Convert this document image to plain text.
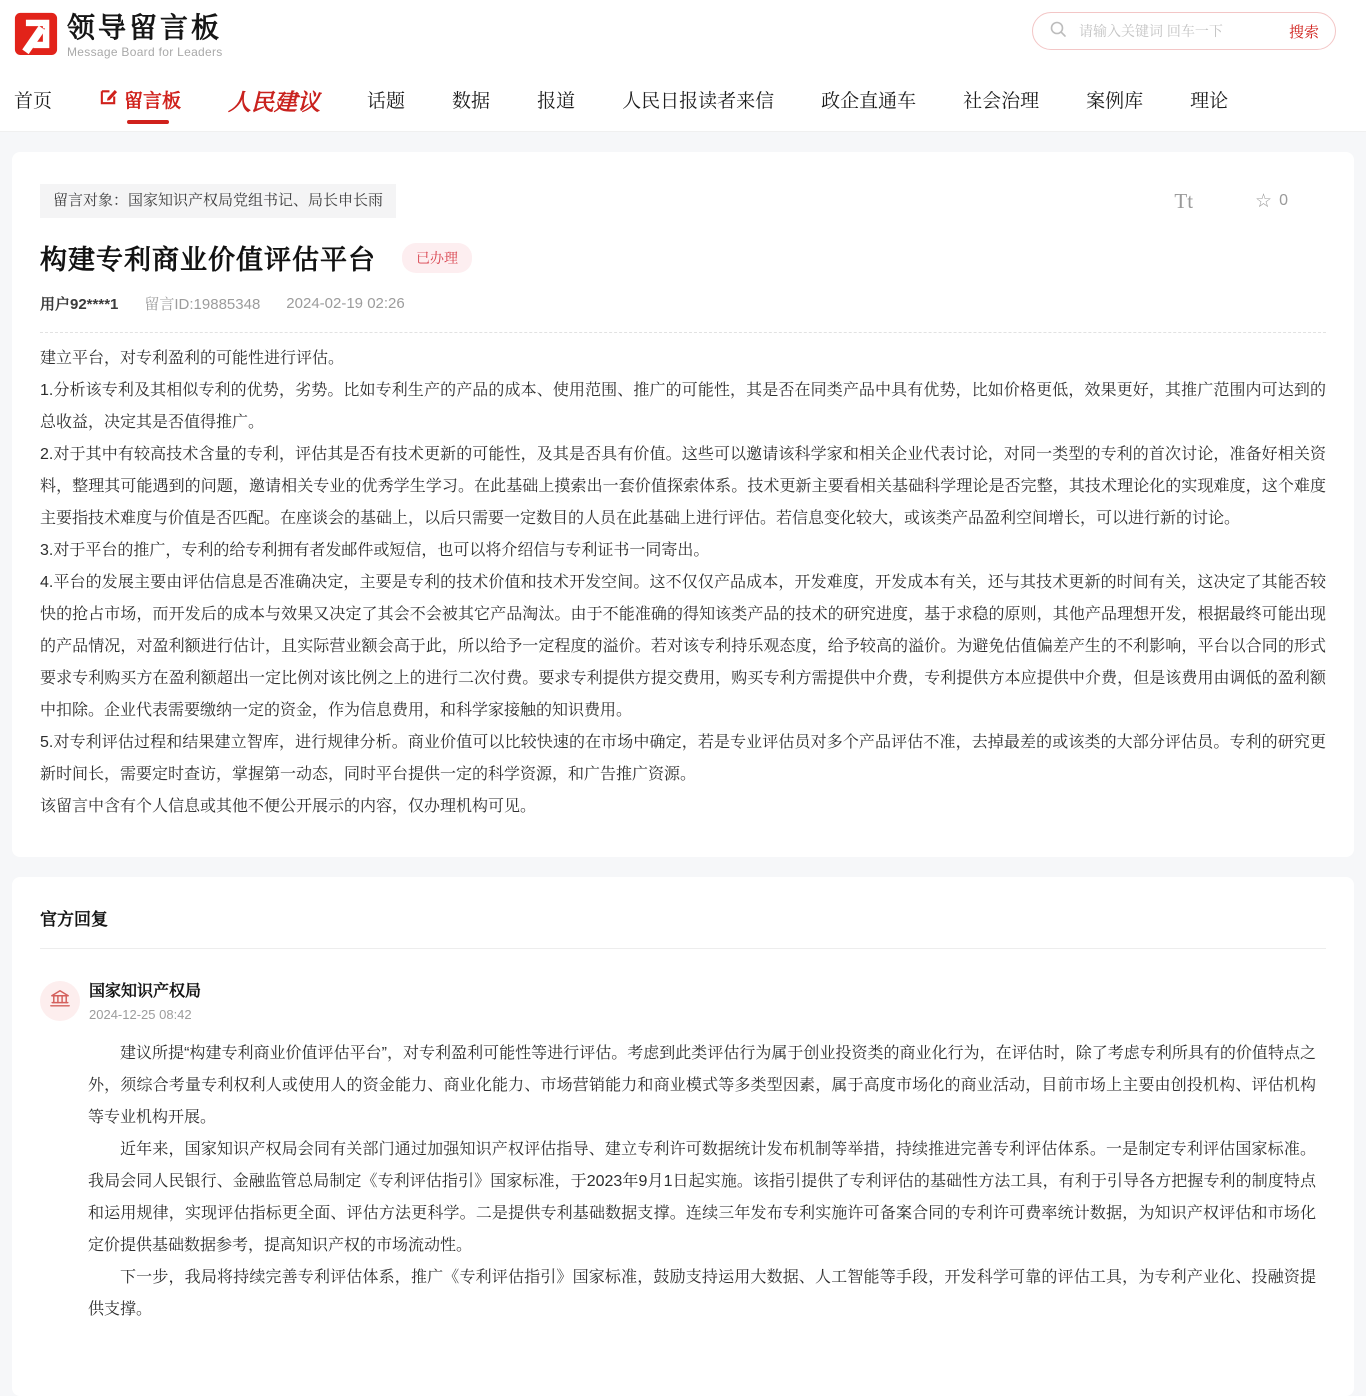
领导留言板
Message Board for Leaders
请输入关键词 回车一下
搜索
首页	留言板 人民建议 话题 数据 报道 人民日报读者来信 政企直通车 社会治理 案例库 理论
留言对象：国家知识产权局党组书记、局长申长雨	Tt	☆ 0
构建专利商业价值评估平台	已办理
用户92****1 留言ID:19885348 2024-02-19 02:26

建立平台，对专利盈利的可能性进行评估。

1.分析该专利及其相似专利的优势，劣势。比如专利生产的产品的成本、使用范围、推广的可能性，其是否在同类产品中具有优势，比如价格更低，效果更好，其推广范围内可达到的总收益，决定其是否值得推广。

2.对于其中有较高技术含量的专利，评估其是否有技术更新的可能性，及其是否具有价值。这些可以邀请该科学家和相关企业代表讨论，对同一类型的专利的首次讨论，准备好相关资料，整理其可能遇到的问题，邀请相关专业的优秀学生学习。在此基础上摸索出一套价值探索体系。技术更新主要看相关基础科学理论是否完整，其技术理论化的实现难度，这个难度主要指技术难度与价值是否匹配。在座谈会的基础上，以后只需要一定数目的人员在此基础上进行评估。若信息变化较大，或该类产品盈利空间增长，可以进行新的讨论。

3.对于平台的推广，专利的给专利拥有者发邮件或短信，也可以将介绍信与专利证书一同寄出。

4.平台的发展主要由评估信息是否准确决定，主要是专利的技术价值和技术开发空间。这不仅仅产品成本，开发难度，开发成本有关，还与其技术更新的时间有关，这决定了其能否较快的抢占市场，而开发后的成本与效果又决定了其会不会被其它产品淘汰。由于不能准确的得知该类产品的技术的研究进度，基于求稳的原则，其他产品理想开发，根据最终可能出现的产品情况，对盈利额进行估计，且实际营业额会高于此，所以给予一定程度的溢价。若对该专利持乐观态度，给予较高的溢价。为避免估值偏差产生的不利影响，平台以合同的形式要求专利购买方在盈利额超出一定比例对该比例之上的进行二次付费。要求专利提供方提交费用，购买专利方需提供中介费，专利提供方本应提供中介费，但是该费用由调低的盈利额中扣除。企业代表需要缴纳一定的资金，作为信息费用，和科学家接触的知识费用。

5.对专利评估过程和结果建立智库，进行规律分析。商业价值可以比较快速的在市场中确定，若是专业评估员对多个产品评估不准，去掉最差的或该类的大部分评估员。专利的研究更新时间长，需要定时查访，掌握第一动态，同时平台提供一定的科学资源，和广告推广资源。

该留言中含有个人信息或其他不便公开展示的内容，仅办理机构可见。

官方回复
国家知识产权局
2024-12-25 08:42

建议所提“构建专利商业价值评估平台”，对专利盈利可能性等进行评估。考虑到此类评估行为属于创业投资类的商业化行为，在评估时，除了考虑专利所具有的价值特点之外，须综合考量专利权利人或使用人的资金能力、商业化能力、市场营销能力和商业模式等多类型因素，属于高度市场化的商业活动，目前市场上主要由创投机构、评估机构等专业机构开展。

近年来，国家知识产权局会同有关部门通过加强知识产权评估指导、建立专利许可数据统计发布机制等举措，持续推进完善专利评估体系。一是制定专利评估国家标准。我局会同人民银行、金融监管总局制定《专利评估指引》国家标准，于2023年9月1日起实施。该指引提供了专利评估的基础性方法工具，有利于引导各方把握专利的制度特点和运用规律，实现评估指标更全面、评估方法更科学。二是提供专利基础数据支撑。连续三年发布专利实施许可备案合同的专利许可费率统计数据，为知识产权评估和市场化定价提供基础数据参考，提高知识产权的市场流动性。

下一步，我局将持续完善专利评估体系，推广《专利评估指引》国家标准，鼓励支持运用大数据、人工智能等手段，开发科学可靠的评估工具，为专利产业化、投融资提供支撑。
